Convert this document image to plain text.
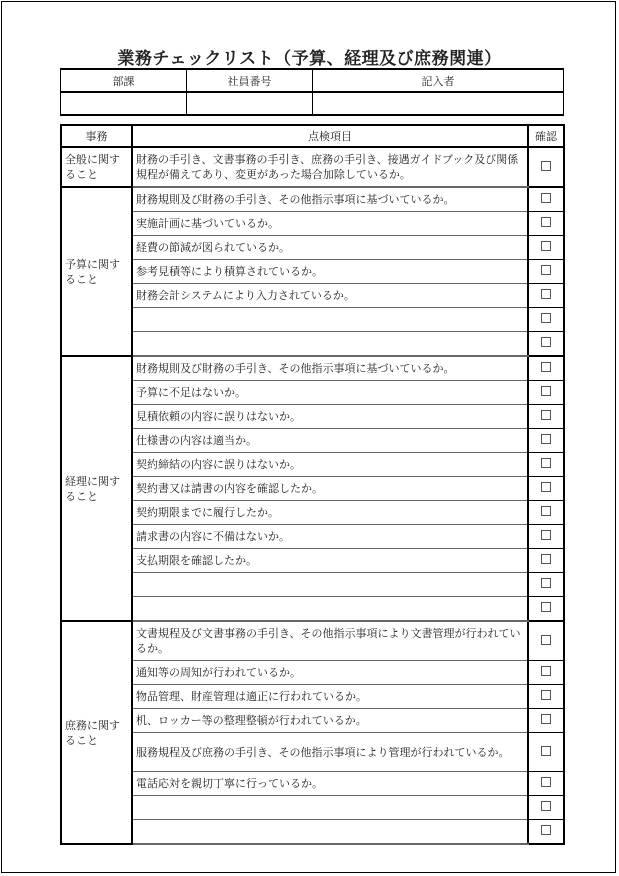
業務チェックリスト（予算、経理及び庶務関連）
部課	社員番号	記入者

事務	点検項目	確認
全般に関すること	財務の手引き、文書事務の手引き、庶務の手引き、接遇ガイドブック及び関係規程が備えてあり、変更があった場合加除しているか。	
予算に関すること	財務規則及び財務の手引き、その他指示事項に基づいているか。	
	実施計画に基づいているか。	
	経費の節減が図られているか。	
	参考見積等により積算されているか。	
	財務会計システムにより入力されているか。	

経理に関すること	財務規則及び財務の手引き、その他指示事項に基づいているか。	
	予算に不足はないか。	
	見積依頼の内容に誤りはないか。	
	仕様書の内容は適当か。	
	契約締結の内容に誤りはないか。	
	契約書又は請書の内容を確認したか。	
	契約期限までに履行したか。	
	請求書の内容に不備はないか。	
	支払期限を確認したか。	

庶務に関すること	文書規程及び文書事務の手引き、その他指示事項により文書管理が行われているか。	
	通知等の周知が行われているか。	
	物品管理、財産管理は適正に行われているか。	
	机、ロッカー等の整理整頓が行われているか。	
	服務規程及び庶務の手引き、その他指示事項により管理が行われているか。	
	電話応対を親切丁寧に行っているか。	
